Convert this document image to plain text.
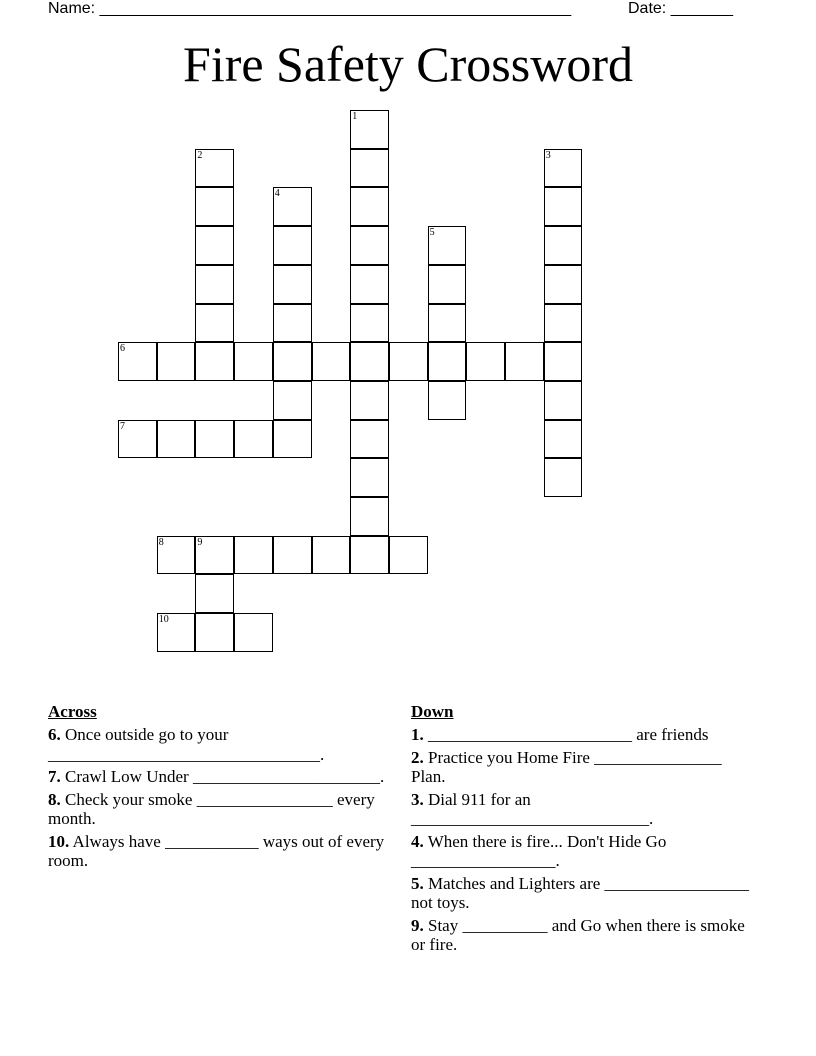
Name: _____________________________________________________	Date: _______
Fire Safety Crossword
1
2	3
4
5
6
7
8	9
10
Across
6. Once outside go to your ________________________________.
7. Crawl Low Under ______________________.
8. Check your smoke ________________ every month.
10. Always have ___________ ways out of every room.
Down
1. ________________________ are friends
2. Practice you Home Fire _______________ Plan.
3. Dial 911 for an ____________________________.
4. When there is fire... Don't Hide Go _________________.
5. Matches and Lighters are _________________ not toys.
9. Stay __________ and Go when there is smoke or fire.
